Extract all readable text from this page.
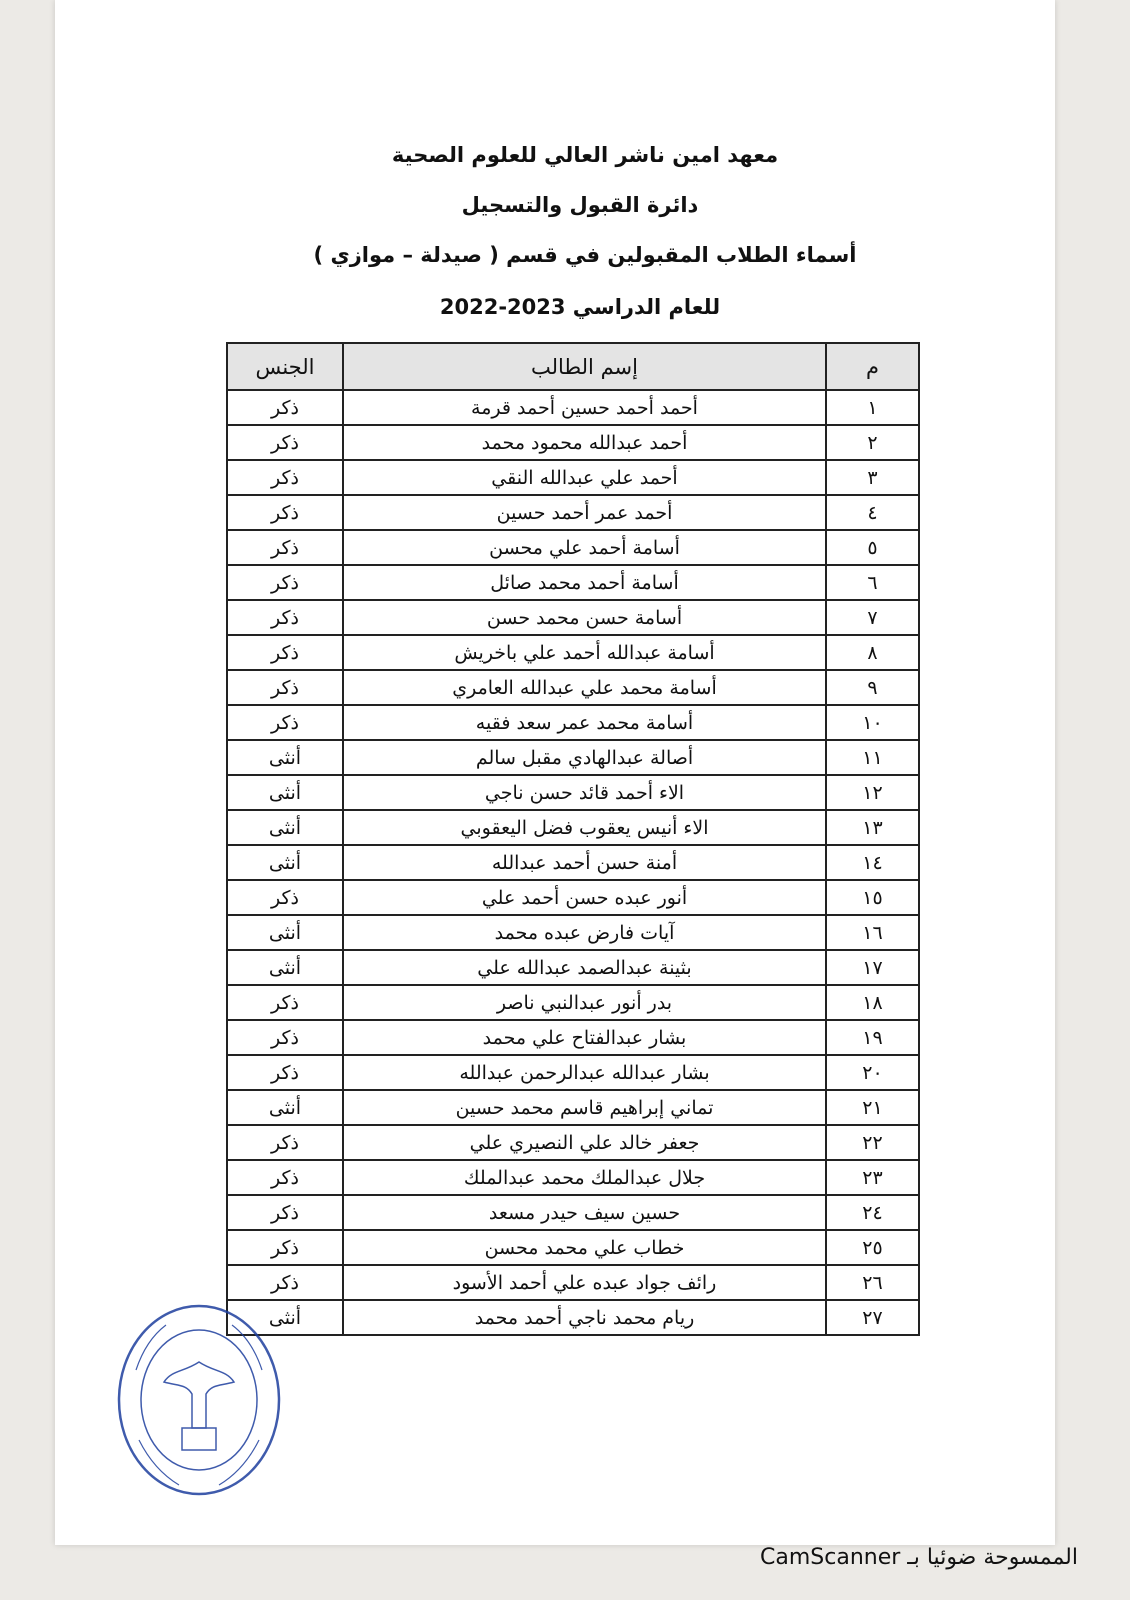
معهد امين ناشر العالي للعلوم الصحية
دائرة القبول والتسجيل
أسماء الطلاب المقبولين في قسم ( صيدلة – موازي )
للعام الدراسي 2023-2022
م	إسم الطالب	الجنس
١	أحمد أحمد حسين أحمد قرمة	ذكر
٢	أحمد عبدالله محمود محمد	ذكر
٣	أحمد علي عبدالله النقي	ذكر
٤	أحمد عمر أحمد حسين	ذكر
٥	أسامة أحمد علي محسن	ذكر
٦	أسامة أحمد محمد صائل	ذكر
٧	أسامة حسن محمد حسن	ذكر
٨	أسامة عبدالله أحمد علي باخريش	ذكر
٩	أسامة محمد علي عبدالله العامري	ذكر
١٠	أسامة محمد عمر سعد فقيه	ذكر
١١	أصالة عبدالهادي مقبل سالم	أنثى
١٢	الاء أحمد قائد حسن ناجي	أنثى
١٣	الاء أنيس يعقوب فضل اليعقوبي	أنثى
١٤	أمنة حسن أحمد عبدالله	أنثى
١٥	أنور عبده حسن أحمد علي	ذكر
١٦	آيات فارض عبده محمد	أنثى
١٧	بثينة عبدالصمد عبدالله علي	أنثى
١٨	بدر أنور عبدالنبي ناصر	ذكر
١٩	بشار عبدالفتاح علي محمد	ذكر
٢٠	بشار عبدالله عبدالرحمن عبدالله	ذكر
٢١	تماني إبراهيم قاسم محمد حسين	أنثى
٢٢	جعفر خالد علي النصيري علي	ذكر
٢٣	جلال عبدالملك محمد عبدالملك	ذكر
٢٤	حسين سيف حيدر مسعد	ذكر
٢٥	خطاب علي محمد محسن	ذكر
٢٦	رائف جواد عبده علي أحمد الأسود	ذكر
٢٧	ريام محمد ناجي أحمد محمد	أنثى
الممسوحة ضوئيا بـ CamScanner
